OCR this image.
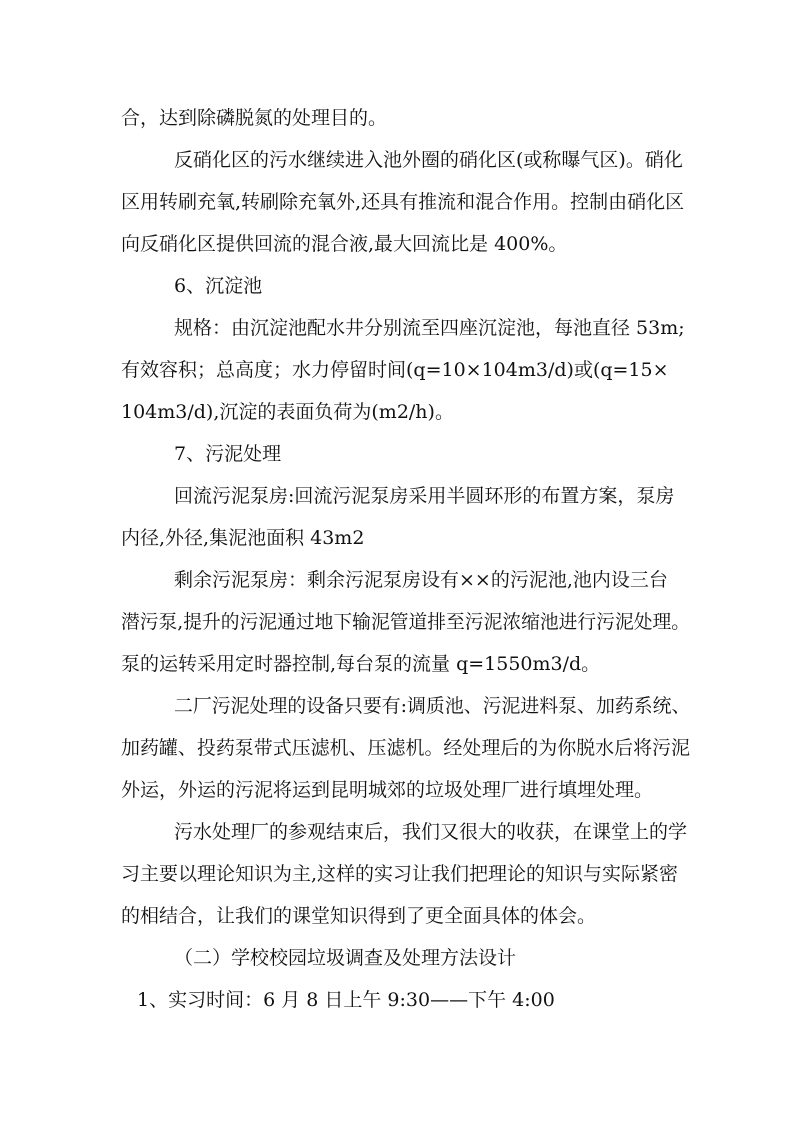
合，达到除磷脱氮的处理目的。
反硝化区的污水继续进入池外圈的硝化区(或称曝气区)。硝化
区用转刷充氧,转刷除充氧外,还具有推流和混合作用。控制由硝化区
向反硝化区提供回流的混合液,最大回流比是 400%。
6、沉淀池
规格：由沉淀池配水井分别流至四座沉淀池，每池直径 53m;
有效容积；总高度；水力停留时间(q=10×104m3/d)或(q=15×
104m3/d),沉淀的表面负荷为(m2/h)。
7、污泥处理
回流污泥泵房:回流污泥泵房采用半圆环形的布置方案，泵房
内径,外径,集泥池面积 43m2
剩余污泥泵房：剩余污泥泵房设有××的污泥池,池内设三台
潜污泵,提升的污泥通过地下输泥管道排至污泥浓缩池进行污泥处理。
泵的运转采用定时器控制,每台泵的流量 q=1550m3/d。
二厂污泥处理的设备只要有:调质池、污泥进料泵、加药系统、
加药罐、投药泵带式压滤机、压滤机。经处理后的为你脱水后将污泥
外运，外运的污泥将运到昆明城郊的垃圾处理厂进行填埋处理。
污水处理厂的参观结束后，我们又很大的收获，在课堂上的学
习主要以理论知识为主,这样的实习让我们把理论的知识与实际紧密
的相结合，让我们的课堂知识得到了更全面具体的体会。
（二）学校校园垃圾调查及处理方法设计
1、实习时间：6 月 8 日上午 9:30——下午 4:00
